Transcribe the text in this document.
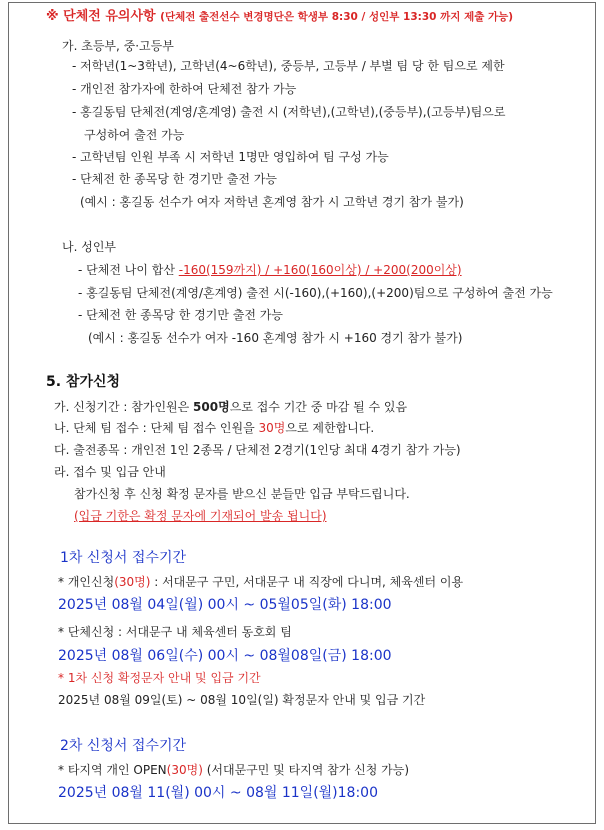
※ 단체전 유의사항 (단체전 출전선수 변경명단은 학생부 8:30 / 성인부 13:30 까지 제출 가능)
가. 초등부, 중·고등부
- 저학년(1~3학년), 고학년(4~6학년), 중등부, 고등부 / 부별 팀 당 한 팀으로 제한
- 개인전 참가자에 한하여 단체전 참가 가능
- 홍길동팀 단체전(계영/혼계영) 출전 시 (저학년),(고학년),(중등부),(고등부)팀으로
구성하여 출전 가능
- 고학년팀 인원 부족 시 저학년 1명만 영입하여 팀 구성 가능
- 단체전 한 종목당 한 경기만 출전 가능
(예시 : 홍길동 선수가 여자 저학년 혼계영 참가 시 고학년 경기 참가 불가)
나. 성인부
- 단체전 나이 합산 -160(159까지) / +160(160이상) / +200(200이상)
- 홍길동팀 단체전(계영/혼계영) 출전 시(-160),(+160),(+200)팀으로 구성하여 출전 가능
- 단체전 한 종목당 한 경기만 출전 가능
(예시 : 홍길동 선수가 여자 -160 혼계영 참가 시 +160 경기 참가 불가)
5. 참가신청
가. 신청기간 : 참가인원은 500명으로 접수 기간 중 마감 될 수 있음
나. 단체 팀 접수 : 단체 팀 접수 인원을 30명으로 제한합니다.
다. 출전종목 : 개인전 1인 2종목 / 단체전 2경기(1인당 최대 4경기 참가 가능)
라. 접수 및 입금 안내
참가신청 후 신청 확정 문자를 받으신 분들만 입금 부탁드립니다.
(입금 기한은 확정 문자에 기재되어 발송 됩니다)
1차 신청서 접수기간
* 개인신청(30명) : 서대문구 구민, 서대문구 내 직장에 다니며, 체육센터 이용
2025년 08월 04일(월) 00시 ~ 05월05일(화) 18:00
* 단체신청 : 서대문구 내 체육센터 동호회 팀
2025년 08월 06일(수) 00시 ~ 08월08일(금) 18:00
* 1차 신청 확정문자 안내 및 입금 기간
2025년 08월 09일(토) ~ 08월 10일(일) 확정문자 안내 및 입금 기간
2차 신청서 접수기간
* 타지역 개인 OPEN(30명) (서대문구민 및 타지역 참가 신청 가능)
2025년 08월 11(월) 00시 ~ 08월 11일(월)18:00
